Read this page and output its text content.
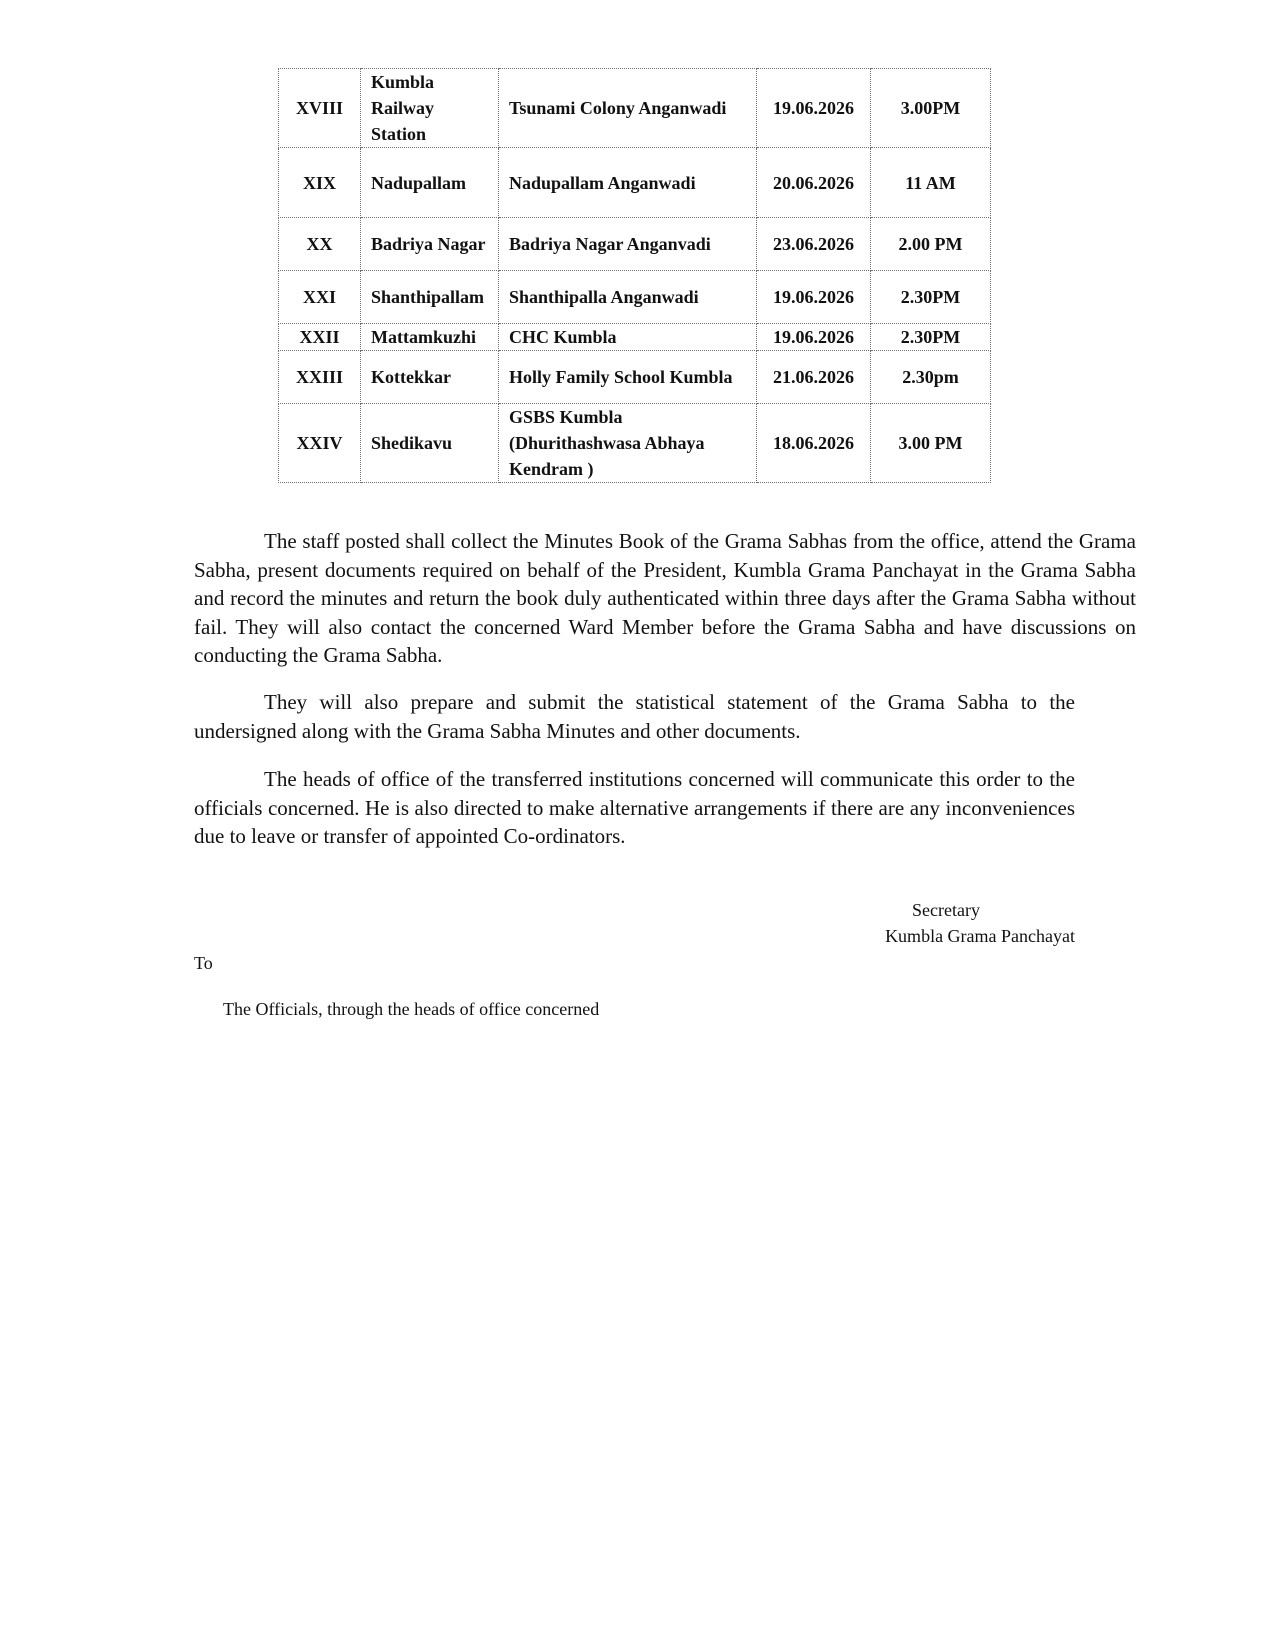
XVIII	Kumbla Railway Station	Tsunami Colony Anganwadi	19.06.2026	3.00PM
XIX	Nadupallam	Nadupallam Anganwadi	20.06.2026	11 AM
XX	Badriya Nagar	Badriya Nagar Anganvadi	23.06.2026	2.00 PM
XXI	Shanthipallam	Shanthipalla Anganwadi	19.06.2026	2.30PM
XXII	Mattamkuzhi	CHC Kumbla	19.06.2026	2.30PM
XXIII	Kottekkar	Holly Family School Kumbla	21.06.2026	2.30pm
XXIV	Shedikavu	GSBS Kumbla (Dhurithashwasa Abhaya Kendram )	18.06.2026	3.00 PM

The staff posted shall collect the Minutes Book of the Grama Sabhas from the office, attend the Grama Sabha, present documents required on behalf of the President, Kumbla Grama Panchayat in the Grama Sabha and record the minutes and return the book duly authenticated within three days after the Grama Sabha without fail. They will also contact the concerned Ward Member before the Grama Sabha and have discussions on conducting the Grama Sabha.

They will also prepare and submit the statistical statement of the Grama Sabha to the undersigned along with the Grama Sabha Minutes and other documents.

The heads of office of the transferred institutions concerned will communicate this order to the officials concerned. He is also directed to make alternative arrangements if there are any inconveniences due to leave or transfer of appointed Co-ordinators.

Secretary
Kumbla Grama Panchayat
To
The Officials, through the heads of office concerned
